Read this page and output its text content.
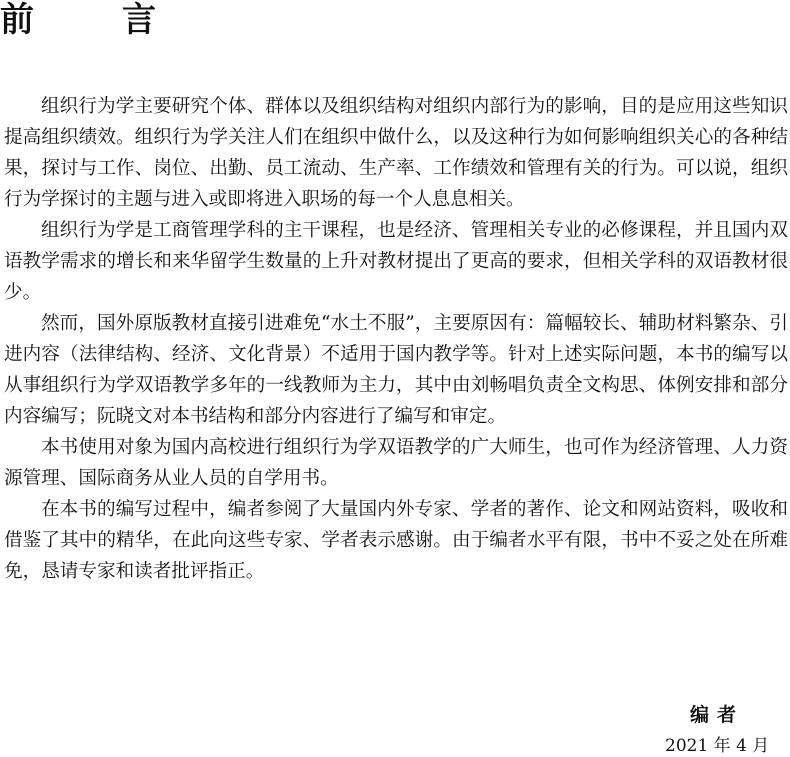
前	言

组织行为学主要研究个体、群体以及组织结构对组织内部行为的影响，目的是应用这些知识提高组织绩效。组织行为学关注人们在组织中做什么，以及这种行为如何影响组织关心的各种结果，探讨与工作、岗位、出勤、员工流动、生产率、工作绩效和管理有关的行为。可以说，组织行为学探讨的主题与进入或即将进入职场的每一个人息息相关。

组织行为学是工商管理学科的主干课程，也是经济、管理相关专业的必修课程，并且国内双语教学需求的增长和来华留学生数量的上升对教材提出了更高的要求，但相关学科的双语教材很少。

然而，国外原版教材直接引进难免“水土不服”，主要原因有：篇幅较长、辅助材料繁杂、引进内容（法律结构、经济、文化背景）不适用于国内教学等。针对上述实际问题，本书的编写以从事组织行为学双语教学多年的一线教师为主力，其中由刘畅唱负责全文构思、体例安排和部分内容编写；阮晓文对本书结构和部分内容进行了编写和审定。

本书使用对象为国内高校进行组织行为学双语教学的广大师生，也可作为经济管理、人力资源管理、国际商务从业人员的自学用书。

在本书的编写过程中，编者参阅了大量国内外专家、学者的著作、论文和网站资料，吸收和借鉴了其中的精华，在此向这些专家、学者表示感谢。由于编者水平有限，书中不妥之处在所难免，恳请专家和读者批评指正。

编者
2021 年 4 月
